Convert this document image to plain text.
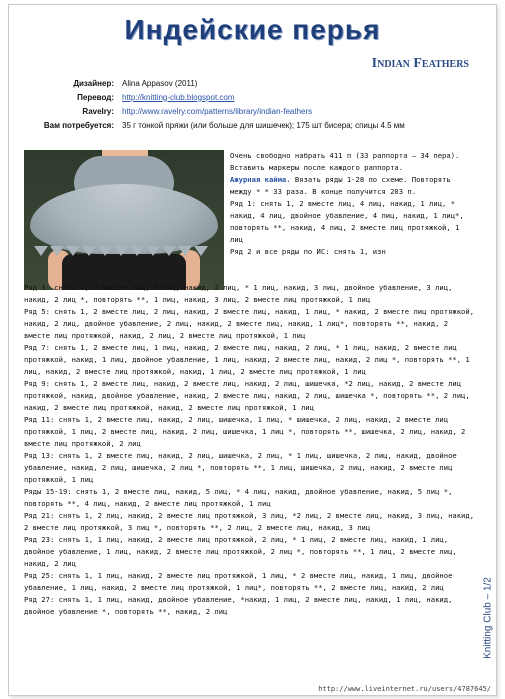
Индейские перья
Indian Feathers
Дизайнер:	Alina Appasov (2011)
Перевод:	http://knitting-club.blogspot.com
Ravelry:	http://www.ravelry.com/patterns/library/indian-feathers
Вам потребуется:	35 г тонкой пряжи (или больше для шишечек); 175 шт бисера; спицы 4.5 мм

Очень свободно набрать 411 п (33 раппорта – 34 пера). Вставить маркеры после каждого раппорта.

Ажурная кайма. Вязать ряды 1-28 по схеме. Повторять между * * 33 раза. В конце получится 203 п.

Ряд 1: снять 1, 2 вместе лиц, 4 лиц, накид, 1 лиц, * накид, 4 лиц, двойное убавление, 4 лиц, накид, 1 лиц*, повторять **, накид, 4 лиц, 2 вместе лиц протяжкой, 1 лиц

Ряд 2 и все ряды по ИС: снять 1, изн

Ряд 3: снять 1, 2 вместе лиц, 3 лиц, накид, 2 лиц, * 1 лиц, накид, 3 лиц, двойное убавление, 3 лиц, накид, 2 лиц *, повторять **, 1 лиц, накид, 3 лиц, 2 вместе лиц протяжкой, 1 лиц

Ряд 5: снять 1, 2 вместе лиц, 2 лиц, накид, 2 вместе лиц, накид, 1 лиц, * накид, 2 вместе лиц протяжкой, накид, 2 лиц, двойное убавление, 2 лиц, накид, 2 вместе лиц, накид, 1 лиц*, повторять **, накид, 2 вместе лиц протяжкой, накид, 2 лиц, 2 вместе лиц протяжкой, 1 лиц

Ряд 7: снять 1, 2 вместе лиц, 1 лиц, накид, 2 вместе лиц, накид, 2 лиц, * 1 лиц, накид, 2 вместе лиц протяжкой, накид, 1 лиц, двойное убавление, 1 лиц, накид, 2 вместе лиц, накид, 2 лиц *, повторять **, 1 лиц, накид, 2 вместе лиц протяжкой, накид, 1 лиц, 2 вместе лиц протяжкой, 1 лиц

Ряд 9: снять 1, 2 вместе лиц, накид, 2 вместе лиц, накид, 2 лиц, шишечка, *2 лиц, накид, 2 вместе лиц протяжкой, накид, двойное убавление, накид, 2 вместе лиц, накид, 2 лиц, шишечка *, повторять **, 2 лиц, накид, 2 вместе лиц протяжкой, накид, 2 вместе лиц протяжкой, 1 лиц

Ряд 11: снять 1, 2 вместе лиц, накид, 2 лиц, шишечка, 1 лиц, * шишечка, 2 лиц, накид, 2 вместе лиц протяжкой, 1 лиц, 2 вместе лиц, накид, 2 лиц, шишечка, 1 лиц *, повторять **, шишечка, 2 лиц, накид, 2 вместе лиц протяжкой, 2 лиц

Ряд 13: снять 1, 2 вместе лиц, накид, 2 лиц, шишечка, 2 лиц, * 1 лиц, шишечка, 2 лиц, накид, двойное убавление, накид, 2 лиц, шишечка, 2 лиц *, повторять **, 1 лиц, шишечка, 2 лиц, накид, 2 вместе лиц протяжкой, 1 лиц

Ряды 15-19: снять 1, 2 вместе лиц, накид, 5 лиц, * 4 лиц, накид, двойное убавление, накид, 5 лиц *, повторять **, 4 лиц, накид, 2 вместе лиц протяжкой, 1 лиц

Ряд 21: снять 1, 2 лиц, накид, 2 вместе лиц протяжкой, 3 лиц, *2 лиц, 2 вместе лиц, накид, 3 лиц, накид, 2 вместе лиц протяжкой, 3 лиц *, повторять **, 2 лиц, 2 вместе лиц, накид, 3 лиц

Ряд 23: снять 1, 1 лиц, накид, 2 вместе лиц протяжкой, 2 лиц, * 1 лиц, 2 вместе лиц, накид, 1 лиц, двойное убавление, 1 лиц, накид, 2 вместе лиц протяжкой, 2 лиц *, повторять **, 1 лиц, 2 вместе лиц, накид, 2 лиц

Ряд 25: снять 1, 1 лиц, накид, 2 вместе лиц протяжкой, 1 лиц, * 2 вместе лиц, накид, 1 лиц, двойное убавление, 1 лиц, накид, 2 вместе лиц протяжкой, 1 лиц*, повторять **, 2 вместе лиц, накид, 2 лиц

Ряд 27: снять 1, 1 лиц, накид, двойное убавление, *накид, 1 лиц, 2 вместе лиц, накид, 1 лиц, накид, двойное убавление *, повторять **, накид, 2 лиц	Knitting Club – 1/2
http://www.liveinternet.ru/users/4787645/
